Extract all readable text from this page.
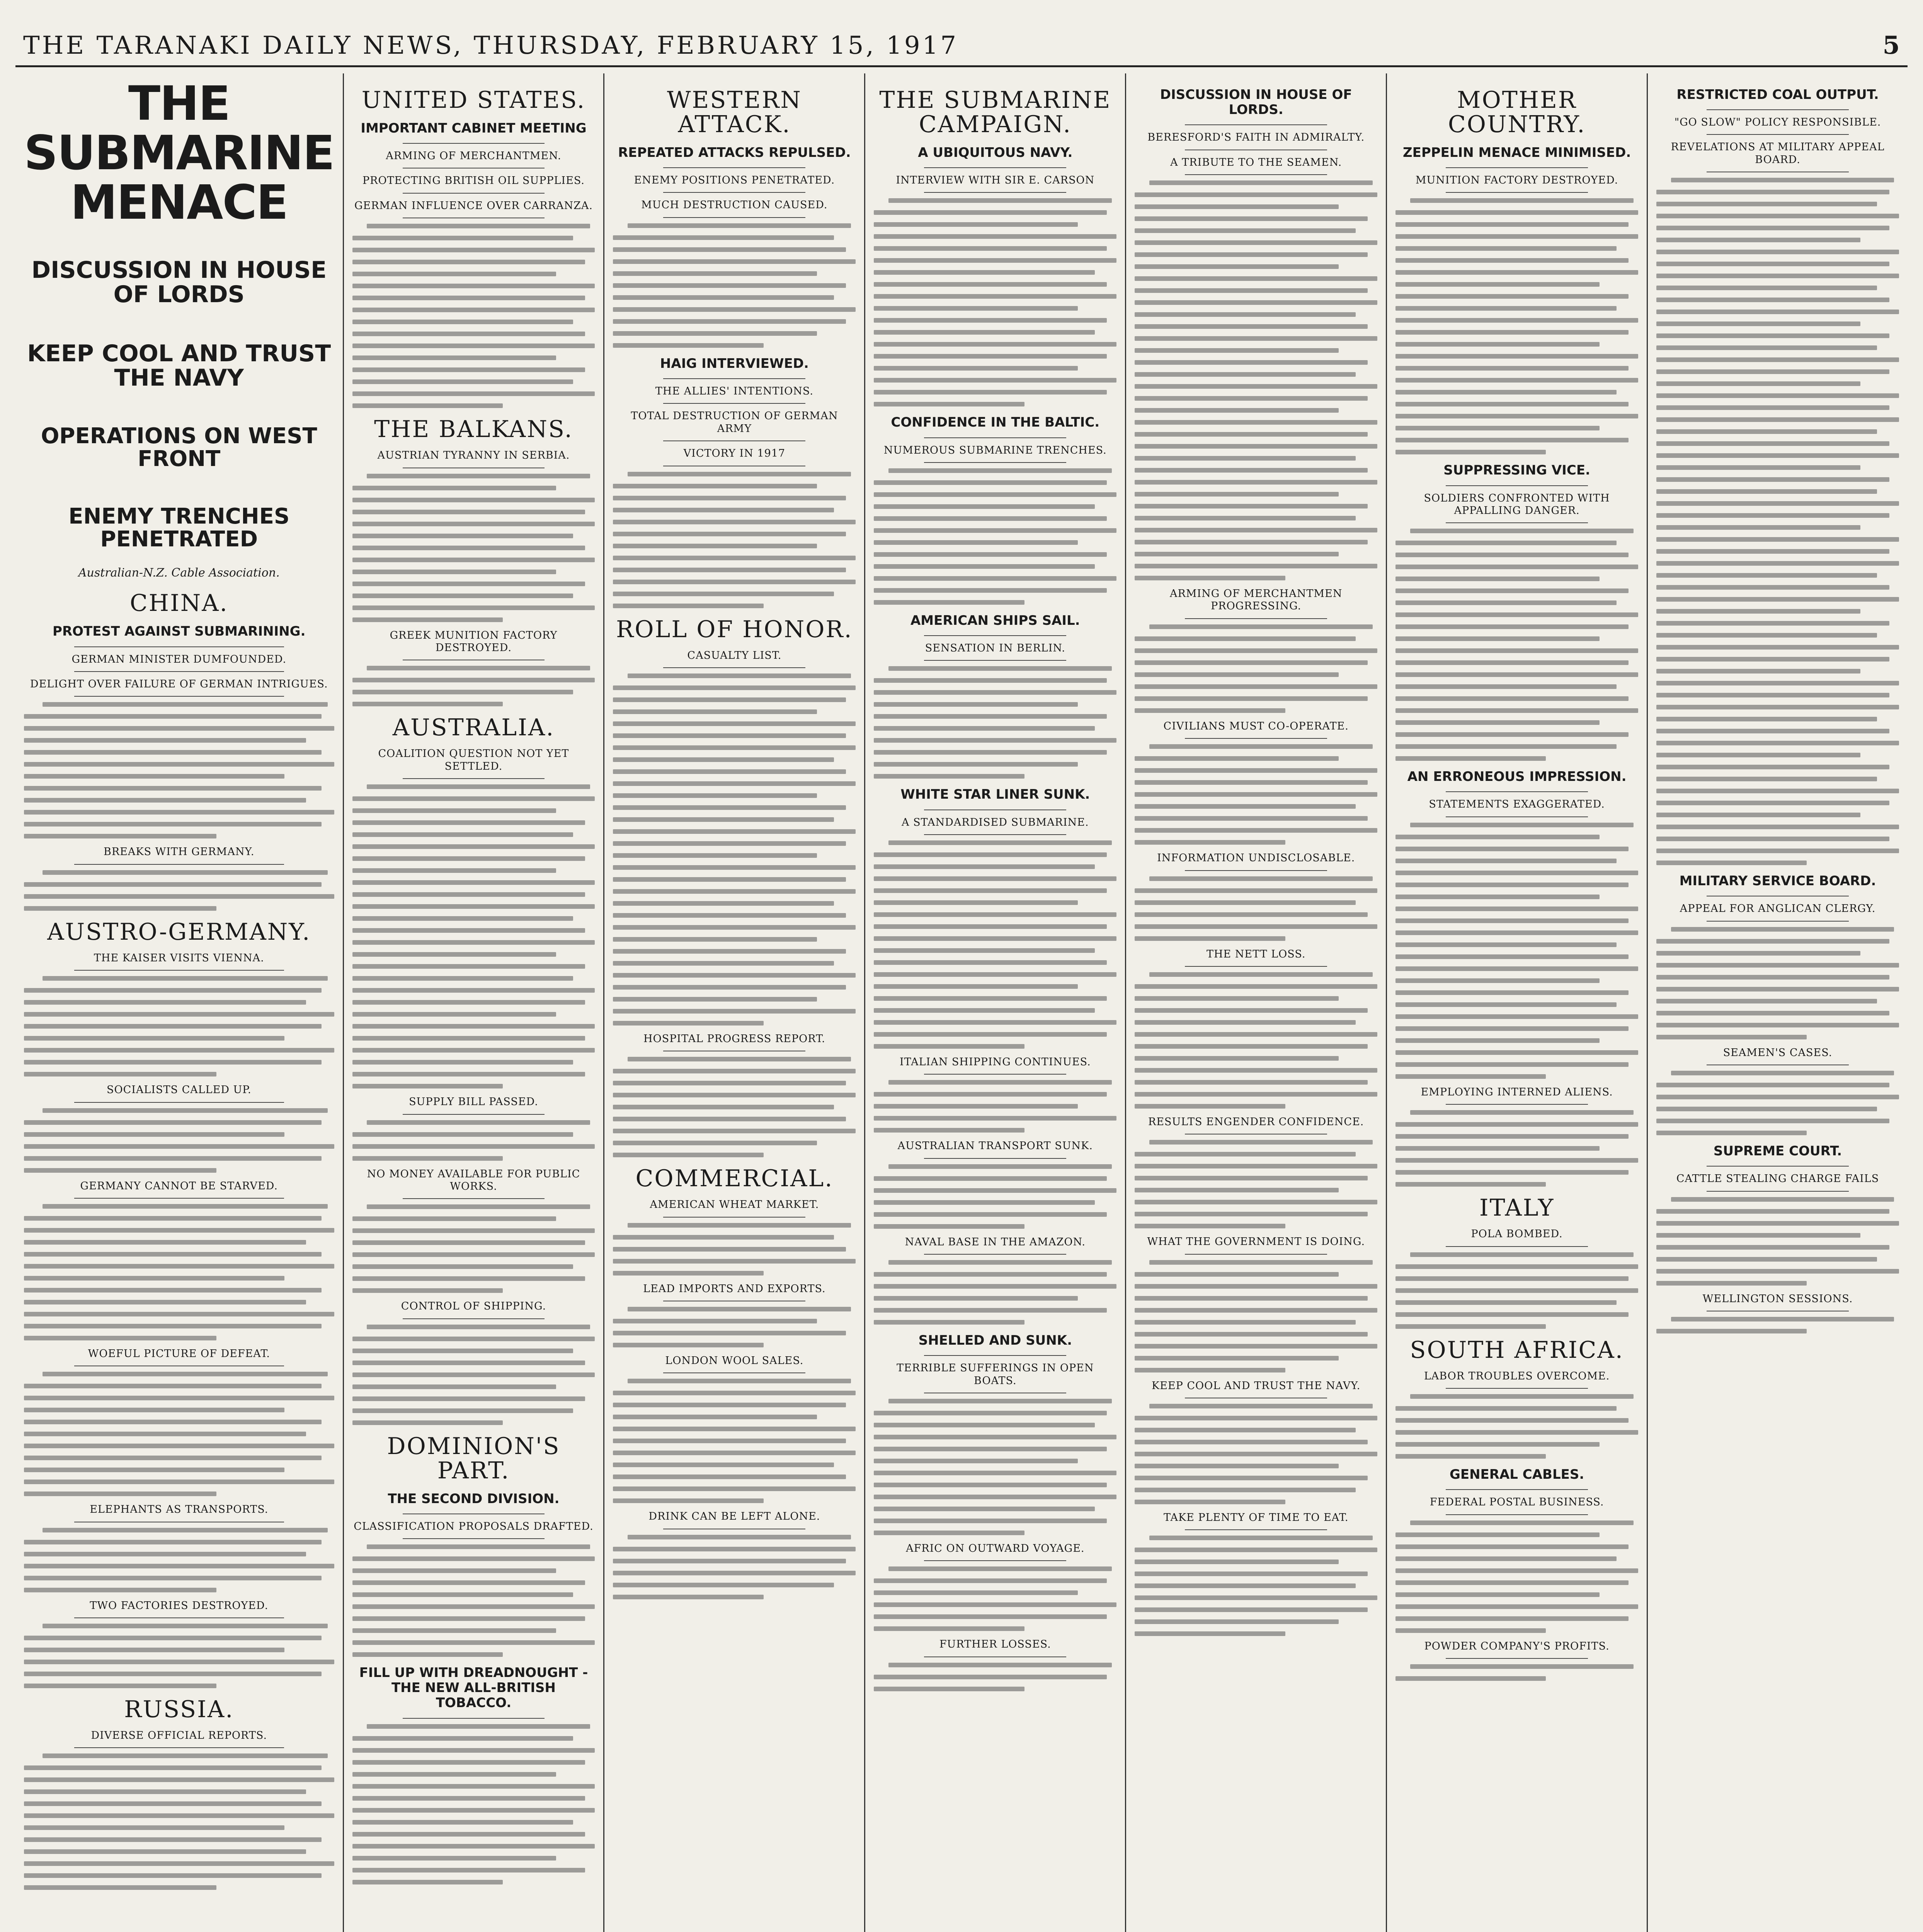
THE TARANAKI DAILY NEWS, THURSDAY, FEBRUARY 15, 1917	5
THE SUBMARINE MENACE
DISCUSSION IN HOUSE OF LORDS
KEEP COOL AND TRUST THE NAVY
OPERATIONS ON WEST FRONT
ENEMY TRENCHES PENETRATED
Australian-N.Z. Cable Association.
CHINA.
PROTEST AGAINST SUBMARINING.
GERMAN MINISTER DUMFOUNDED.
DELIGHT OVER FAILURE OF GERMAN INTRIGUES.
BREAKS WITH GERMANY.
AUSTRO-GERMANY.
THE KAISER VISITS VIENNA.
SOCIALISTS CALLED UP.
GERMANY CANNOT BE STARVED.
WOEFUL PICTURE OF DEFEAT.
ELEPHANTS AS TRANSPORTS.
TWO FACTORIES DESTROYED.
RUSSIA.
DIVERSE OFFICIAL REPORTS.
UNITED STATES.
IMPORTANT CABINET MEETING
ARMING OF MERCHANTMEN.
PROTECTING BRITISH OIL SUPPLIES.
GERMAN INFLUENCE OVER CARRANZA.
THE BALKANS.
AUSTRIAN TYRANNY IN SERBIA.
GREEK MUNITION FACTORY DESTROYED.
AUSTRALIA.
COALITION QUESTION NOT YET SETTLED.
SUPPLY BILL PASSED.
NO MONEY AVAILABLE FOR PUBLIC WORKS.
CONTROL OF SHIPPING.
DOMINION'S PART.
THE SECOND DIVISION.
CLASSIFICATION PROPOSALS DRAFTED.
FILL UP WITH DREADNOUGHT - THE NEW ALL-BRITISH TOBACCO.
WESTERN ATTACK.
REPEATED ATTACKS REPULSED.
ENEMY POSITIONS PENETRATED.
MUCH DESTRUCTION CAUSED.
HAIG INTERVIEWED.
THE ALLIES' INTENTIONS.
TOTAL DESTRUCTION OF GERMAN ARMY
VICTORY IN 1917
ROLL OF HONOR.
CASUALTY LIST.
HOSPITAL PROGRESS REPORT.
COMMERCIAL.
AMERICAN WHEAT MARKET.
LEAD IMPORTS AND EXPORTS.
LONDON WOOL SALES.
DRINK CAN BE LEFT ALONE.
THE SUBMARINE CAMPAIGN.
A UBIQUITOUS NAVY.
INTERVIEW WITH SIR E. CARSON
CONFIDENCE IN THE BALTIC.
NUMEROUS SUBMARINE TRENCHES.
AMERICAN SHIPS SAIL.
SENSATION IN BERLIN.
WHITE STAR LINER SUNK.
A STANDARDISED SUBMARINE.
ITALIAN SHIPPING CONTINUES.
AUSTRALIAN TRANSPORT SUNK.
NAVAL BASE IN THE AMAZON.
SHELLED AND SUNK.
TERRIBLE SUFFERINGS IN OPEN BOATS.
AFRIC ON OUTWARD VOYAGE.
FURTHER LOSSES.
DISCUSSION IN HOUSE OF LORDS.
BERESFORD'S FAITH IN ADMIRALTY.
A TRIBUTE TO THE SEAMEN.
ARMING OF MERCHANTMEN PROGRESSING.
CIVILIANS MUST CO-OPERATE.
INFORMATION UNDISCLOSABLE.
THE NETT LOSS.
RESULTS ENGENDER CONFIDENCE.
WHAT THE GOVERNMENT IS DOING.
KEEP COOL AND TRUST THE NAVY.
TAKE PLENTY OF TIME TO EAT.
MOTHER COUNTRY.
ZEPPELIN MENACE MINIMISED.
MUNITION FACTORY DESTROYED.
SUPPRESSING VICE.
SOLDIERS CONFRONTED WITH APPALLING DANGER.
AN ERRONEOUS IMPRESSION.
STATEMENTS EXAGGERATED.
EMPLOYING INTERNED ALIENS.
ITALY
POLA BOMBED.
SOUTH AFRICA.
LABOR TROUBLES OVERCOME.
GENERAL CABLES.
FEDERAL POSTAL BUSINESS.
POWDER COMPANY'S PROFITS.
RESTRICTED COAL OUTPUT.
"GO SLOW" POLICY RESPONSIBLE.
REVELATIONS AT MILITARY APPEAL BOARD.
MILITARY SERVICE BOARD.
APPEAL FOR ANGLICAN CLERGY.
SEAMEN'S CASES.
SUPREME COURT.
CATTLE STEALING CHARGE FAILS
WELLINGTON SESSIONS.
